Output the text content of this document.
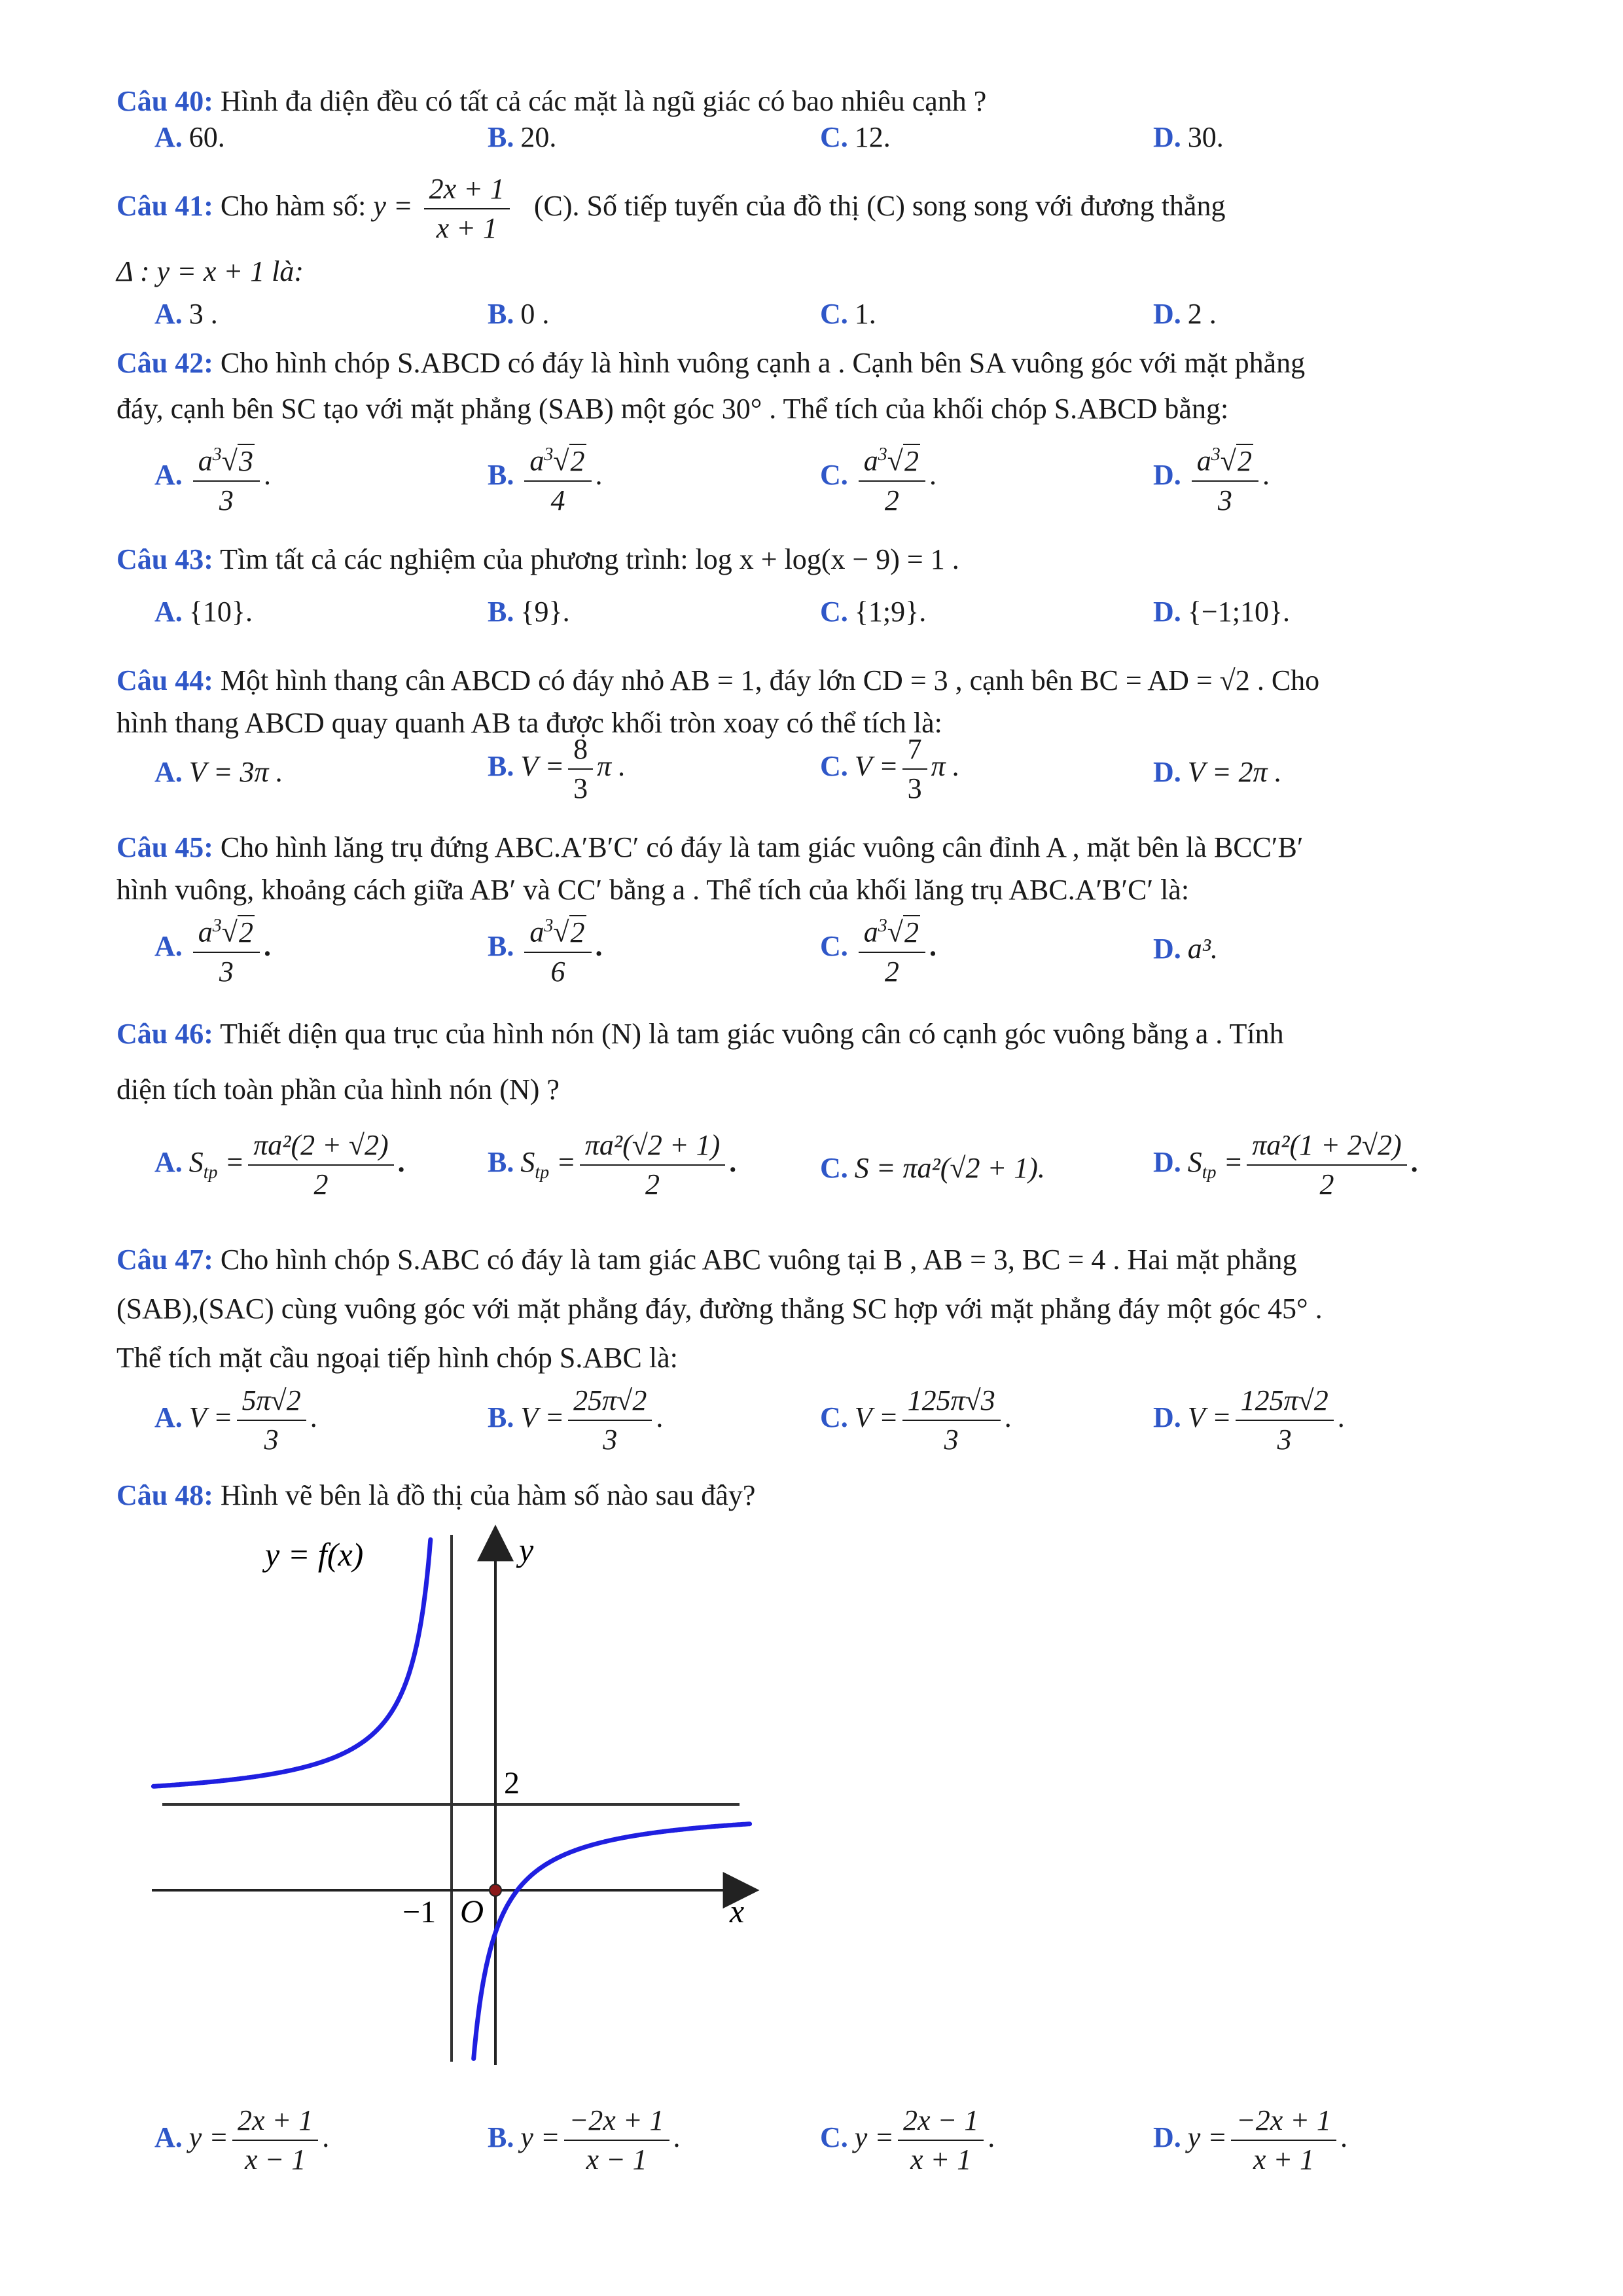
Câu 40: Hình đa diện đều có tất cả các mặt là ngũ giác có bao nhiêu cạnh ?
A. 60.	B. 20.	C. 12.	D. 30.
Câu 41: Cho hàm số: $y = \frac{2x + 1}{x + 1} (C)$. Số tiếp tuyến của đồ thị (C) song song với đương thẳng
Δ : y = x + 1 là:
A. 3 .	B. 0 .	C. 1.	D. 2 .
Câu 42: Cho hình chóp S.ABCD có đáy là hình vuông cạnh a . Cạnh bên SA vuông góc với mặt phẳng
đáy, cạnh bên SC tạo với mặt phẳng (SAB) một góc 30° . Thể tích của khối chóp S.ABCD bằng:
A. $\frac{a^3√3}{3}$ .	B. $\frac{a^3√2}{4}$ .	C. $\frac{a^3√2}{2}$ .	D. $\frac{a^3√2}{3}$ .
Câu 43: Tìm tất cả các nghiệm của phương trình: log x + log(x − 9) = 1 .
A. {10}.	B. {9}.	C. {1;9}.	D. {−1;10}.
Câu 44: Một hình thang cân ABCD có đáy nhỏ AB = 1, đáy lớn CD = 3 , cạnh bên BC = AD = √2 . Cho
hình thang ABCD quay quanh AB ta được khối tròn xoay có thể tích là:
A. V = 3π .	B. $V = \frac{8}{3}$ π .	C. $V = \frac{7}{3}$ π .	D. V = 2π .
Câu 45: Cho hình lăng trụ đứng ABC.A′B′C′ có đáy là tam giác vuông cân đỉnh A , mặt bên là BCC′B′
hình vuông, khoảng cách giữa AB′ và CC′ bằng a . Thể tích của khối lăng trụ ABC.A′B′C′ là:
A. $\frac{a^3√2}{3}$ .	B. $\frac{a^3√2}{6}$ .	C. $\frac{a^3√2}{2}$ .	D. a³.
Câu 46: Thiết diện qua trục của hình nón (N) là tam giác vuông cân có cạnh góc vuông bằng a . Tính
diện tích toàn phần của hình nón (N) ?
A. $S_{tp} = \frac{\text{πa²(2 + √2)}}{2}$ .	B. $S_{tp} = \frac{\text{πa²(√2 + 1)}}{2}$ .	C. S = πa²(√2 + 1).	D. $S_{tp} = \frac{\text{πa²(1 + 2√2)}}{2}$ .
Câu 47: Cho hình chóp S.ABC có đáy là tam giác ABC vuông tại B , AB = 3, BC = 4 . Hai mặt phẳng
(SAB),(SAC) cùng vuông góc với mặt phẳng đáy, đường thẳng SC hợp với mặt phẳng đáy một góc 45° .
Thể tích mặt cầu ngoại tiếp hình chóp S.ABC là:
A. $V = \frac{5\pi√2}{3}$ .	B. $V = \frac{25\pi√2}{3}$ .	C. $V = \frac{125\pi√3}{3}$ .	D. $V = \frac{125\pi√2}{3}$ .
Câu 48: Hình vẽ bên là đồ thị của hàm số nào sau đây?
y = f(x)	y
x
O
−1
2
A. $y = \frac{2x + 1}{x - 1}$ .	B. $y = \frac{-2x + 1}{x - 1}$ .	C. $y = \frac{2x - 1}{x + 1}$ .	D. $y = \frac{-2x + 1}{x + 1}$ .
